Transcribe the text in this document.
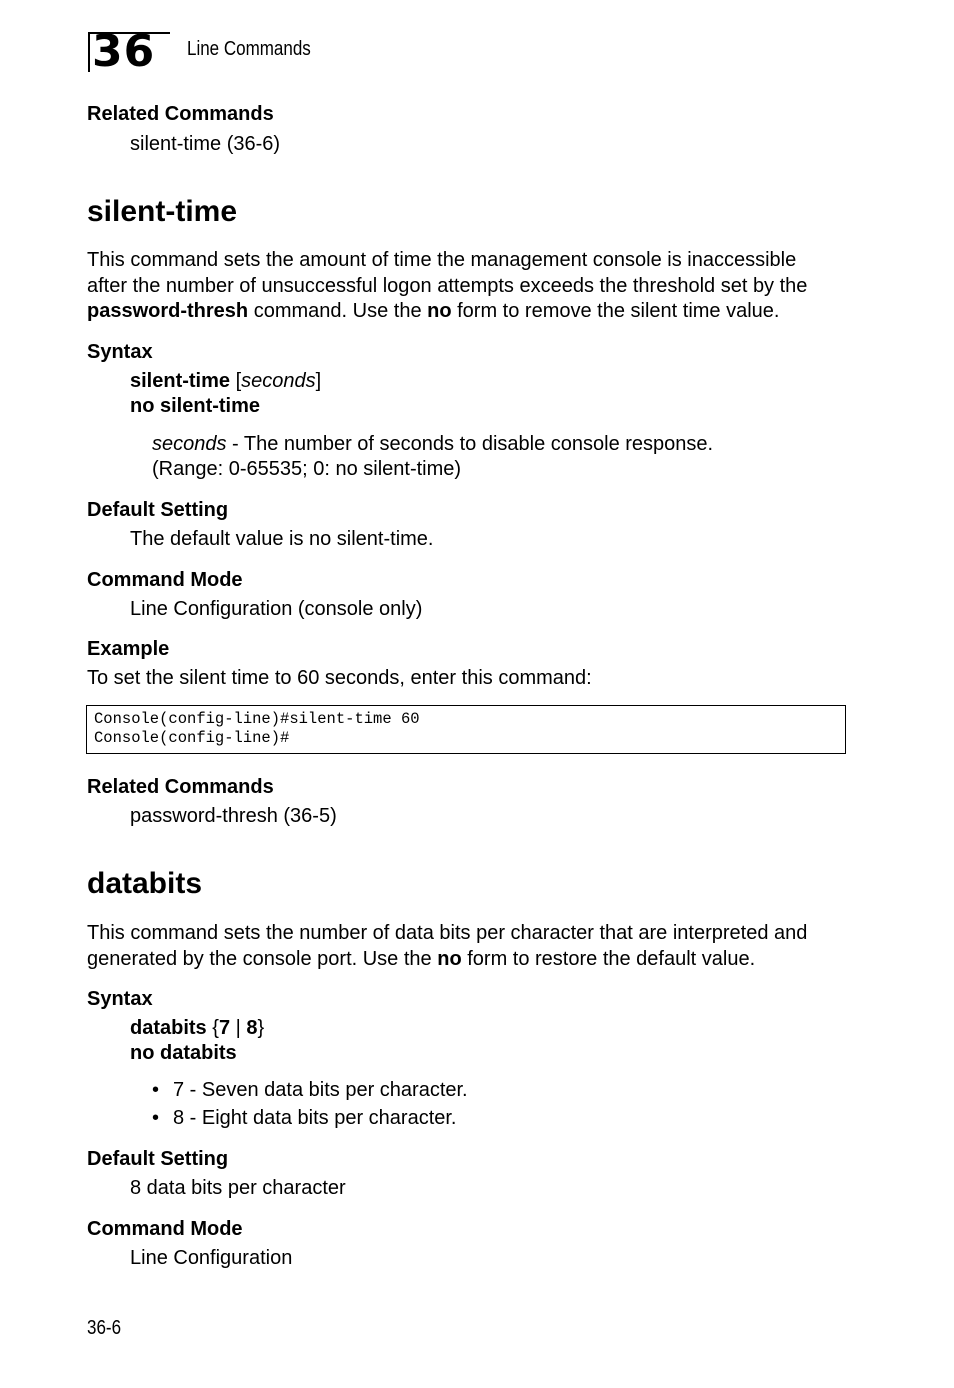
36 Line Commands
Related Commands
silent-time (36-6)
silent-time
This command sets the amount of time the management console is inaccessible
after the number of unsuccessful logon attempts exceeds the threshold set by the
password-thresh command. Use the no form to remove the silent time value.
Syntax
silent-time [seconds]
no silent-time
seconds - The number of seconds to disable console response.
(Range: 0-65535; 0: no silent-time)
Default Setting
The default value is no silent-time.
Command Mode
Line Configuration (console only)
Example
To set the silent time to 60 seconds, enter this command:
Console(config-line)#silent-time 60
Console(config-line)#
Related Commands
password-thresh (36-5)
databits
This command sets the number of data bits per character that are interpreted and
generated by the console port. Use the no form to restore the default value.
Syntax
databits {7 | 8}
no databits
• 7 - Seven data bits per character.
• 8 - Eight data bits per character.
Default Setting
8 data bits per character
Command Mode
Line Configuration
36-6
